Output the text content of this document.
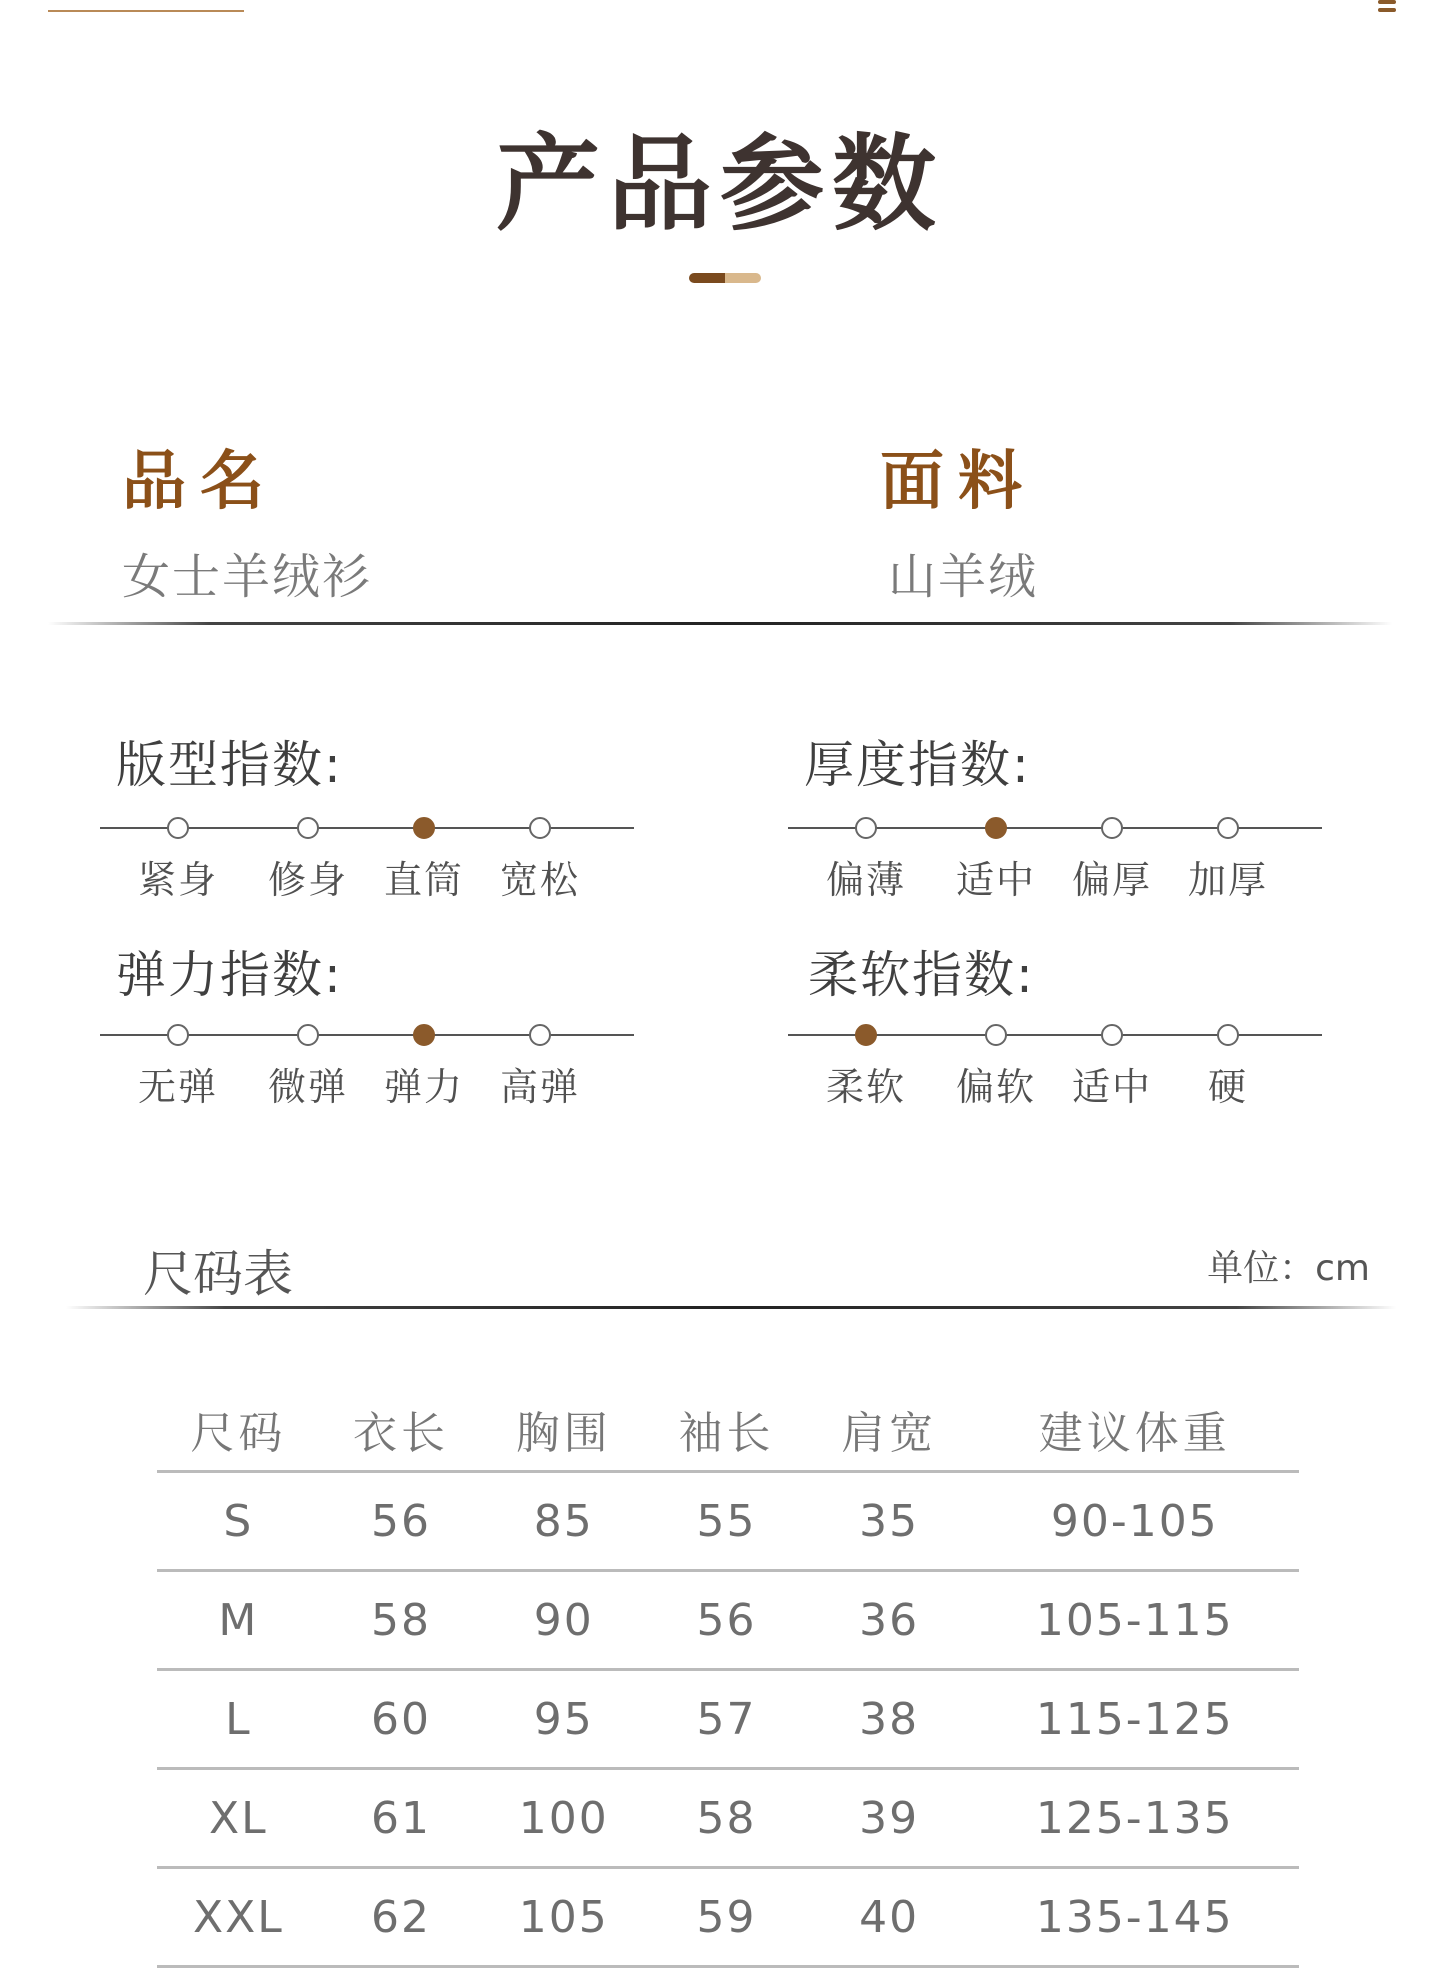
产品参数
品名
女士羊绒衫
面料
山羊绒
版型指数:
紧身	修身 直筒 宽松
厚度指数:
偏薄	适中 偏厚 加厚
弹力指数:
无弹	微弹 弹力 高弹
柔软指数:
柔软	偏软 适中	硬
尺码表	单位：cm
尺码	衣长	胸围	袖长	肩宽	建议体重
S	56	85	55	35	90-105
M	58	90	56	36	105-115
L	60	95	57	38	115-125
XL	61	100	58	39	125-135
XXL	62	105	59	40	135-145
